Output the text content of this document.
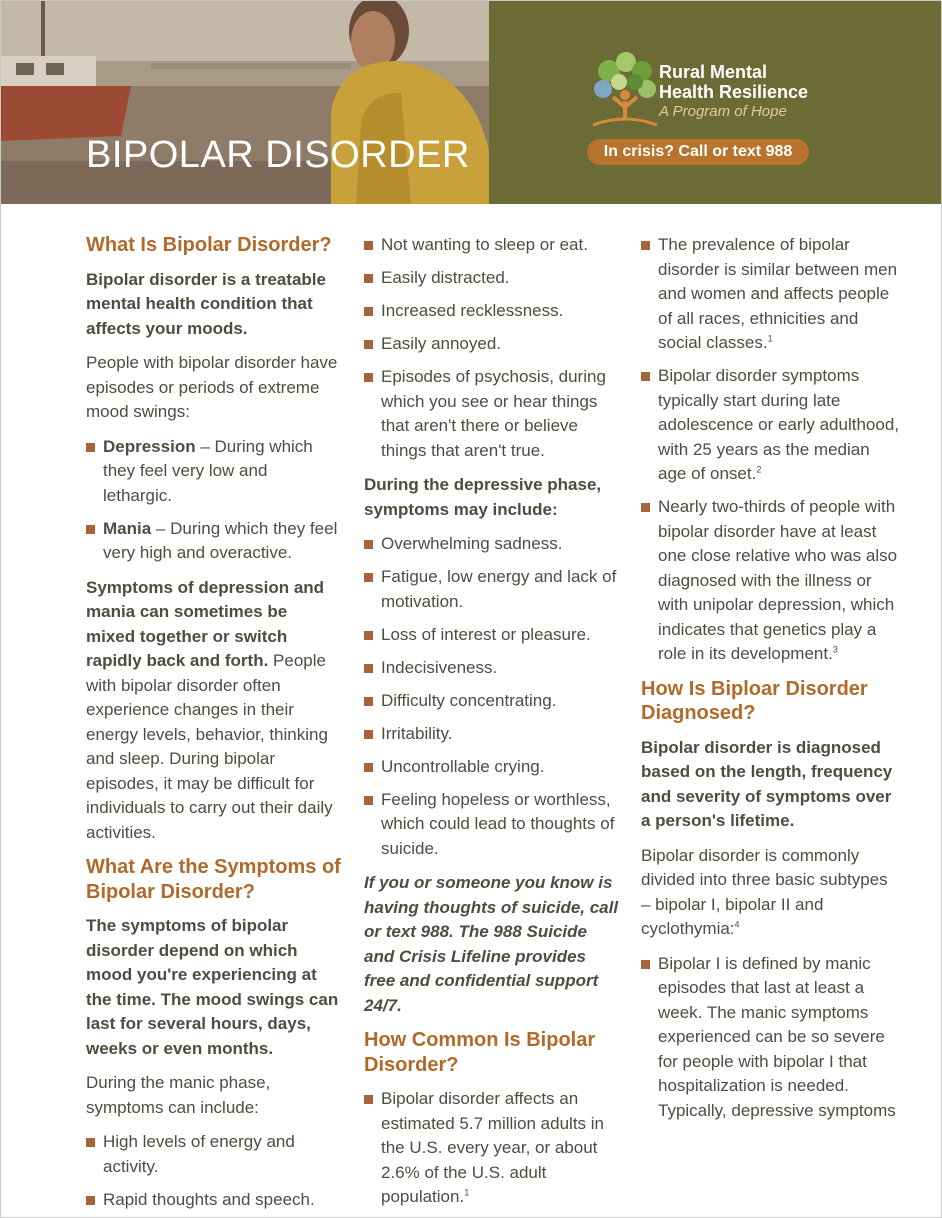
BIPOLAR DISORDER
Rural Mental
Health Resilience
A Program of Hope
In crisis? Call or text 988
What Is Bipolar Disorder?

Bipolar disorder is a treatable mental health condition that affects your moods.

People with bipolar disorder have episodes or periods of extreme mood swings:

Depression – During which they feel very low and lethargic.
Mania – During which they feel very high and overactive.

Symptoms of depression and mania can sometimes be mixed together or switch rapidly back and forth. People with bipolar disorder often experience changes in their energy levels, behavior, thinking and sleep. During bipolar episodes, it may be difficult for individuals to carry out their daily activities.

What Are the Symptoms of Bipolar Disorder?

The symptoms of bipolar disorder depend on which mood you're experiencing at the time. The mood swings can last for several hours, days, weeks or even months.

During the manic phase, symptoms can include:

High levels of energy and activity.
Rapid thoughts and speech.
Not wanting to sleep or eat.
Easily distracted.
Increased recklessness.
Easily annoyed.
Episodes of psychosis, during which you see or hear things that aren't there or believe things that aren't true.

During the depressive phase, symptoms may include:

Overwhelming sadness.
Fatigue, low energy and lack of motivation.
Loss of interest or pleasure.
Indecisiveness.
Difficulty concentrating.
Irritability.
Uncontrollable crying.
Feeling hopeless or worthless, which could lead to thoughts of suicide.

If you or someone you know is having thoughts of suicide, call or text 988. The 988 Suicide and Crisis Lifeline provides free and confidential support 24/7.

How Common Is Bipolar Disorder?
Bipolar disorder affects an estimated 5.7 million adults in the U.S. every year, or about 2.6% of the U.S. adult population.$^1$
The prevalence of bipolar disorder is similar between men and women and affects people of all races, ethnicities and social classes.$^1$
Bipolar disorder symptoms typically start during late adolescence or early adulthood, with 25 years as the median age of onset.$^2$
Nearly two-thirds of people with bipolar disorder have at least one close relative who was also diagnosed with the illness or with unipolar depression, which indicates that genetics play a role in its development.$^3$
How Is Biploar Disorder Diagnosed?

Bipolar disorder is diagnosed based on the length, frequency and severity of symptoms over a person's lifetime.

Bipolar disorder is commonly divided into three basic subtypes – bipolar I, bipolar II and cyclothymia:$^4$

Bipolar I is defined by manic episodes that last at least a week. The manic symptoms experienced can be so severe for people with bipolar I that hospitalization is needed. Typically, depressive symptoms
